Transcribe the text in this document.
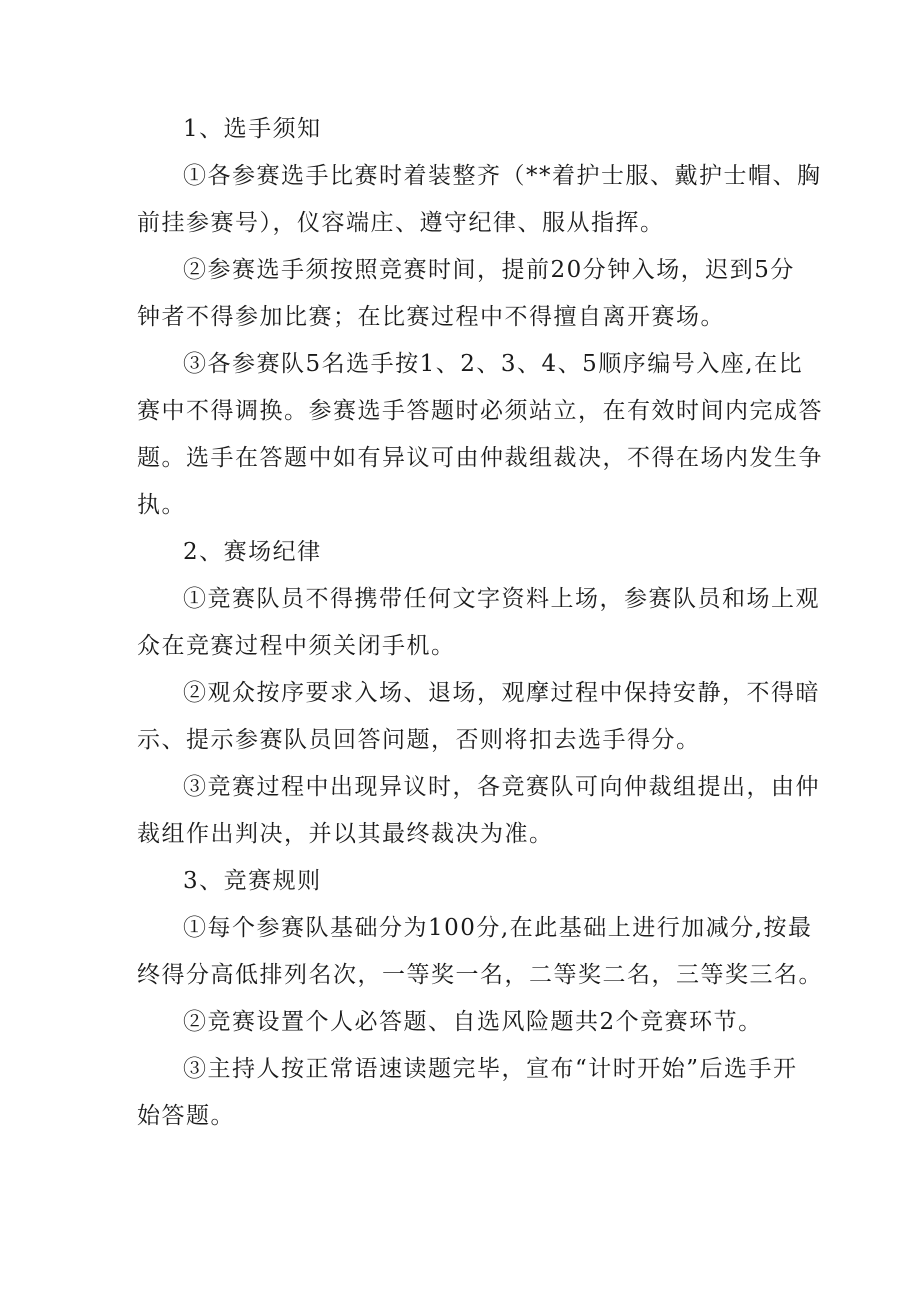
1、选手须知
①各参赛选手比赛时着装整齐（**着护士服、戴护士帽、胸
前挂参赛号），仪容端庄、遵守纪律、服从指挥。
②参赛选手须按照竞赛时间，提前20分钟入场，迟到5分
钟者不得参加比赛；在比赛过程中不得擅自离开赛场。
③各参赛队5名选手按1、2、3、4、5顺序编号入座,在比
赛中不得调换。参赛选手答题时必须站立，在有效时间内完成答
题。选手在答题中如有异议可由仲裁组裁决，不得在场内发生争
执。
2、赛场纪律
①竞赛队员不得携带任何文字资料上场，参赛队员和场上观
众在竞赛过程中须关闭手机。
②观众按序要求入场、退场，观摩过程中保持安静，不得暗
示、提示参赛队员回答问题，否则将扣去选手得分。
③竞赛过程中出现异议时，各竞赛队可向仲裁组提出，由仲
裁组作出判决，并以其最终裁决为准。
3、竞赛规则
①每个参赛队基础分为100分,在此基础上进行加减分,按最
终得分高低排列名次，一等奖一名，二等奖二名，三等奖三名。
②竞赛设置个人必答题、自选风险题共2个竞赛环节。
③主持人按正常语速读题完毕，宣布“计时开始”后选手开
始答题。
